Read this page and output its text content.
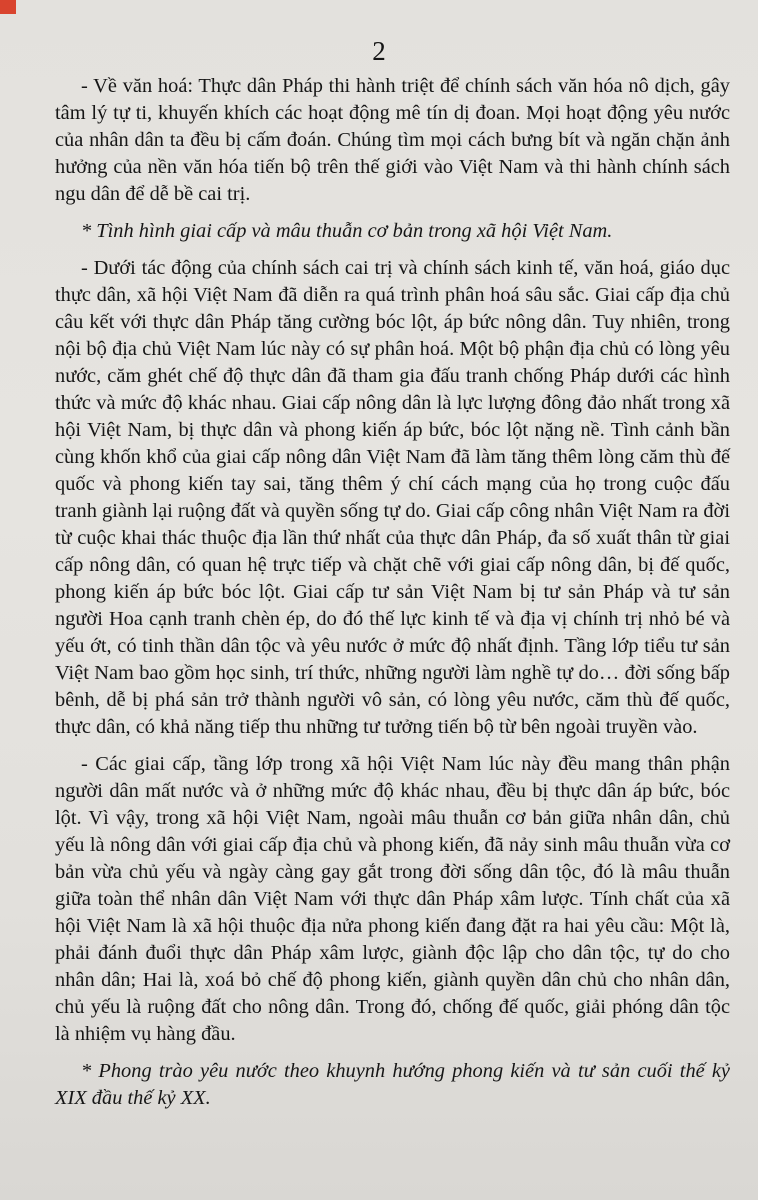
2

- Về văn hoá: Thực dân Pháp thi hành triệt để chính sách văn hóa nô dịch, gây tâm lý tự ti, khuyến khích các hoạt động mê tín dị đoan. Mọi hoạt động yêu nước của nhân dân ta đều bị cấm đoán. Chúng tìm mọi cách bưng bít và ngăn chặn ảnh hưởng của nền văn hóa tiến bộ trên thế giới vào Việt Nam và thi hành chính sách ngu dân để dễ bề cai trị.

* Tình hình giai cấp và mâu thuẫn cơ bản trong xã hội Việt Nam.

- Dưới tác động của chính sách cai trị và chính sách kinh tế, văn hoá, giáo dục thực dân, xã hội Việt Nam đã diễn ra quá trình phân hoá sâu sắc. Giai cấp địa chủ câu kết với thực dân Pháp tăng cường bóc lột, áp bức nông dân. Tuy nhiên, trong nội bộ địa chủ Việt Nam lúc này có sự phân hoá. Một bộ phận địa chủ có lòng yêu nước, căm ghét chế độ thực dân đã tham gia đấu tranh chống Pháp dưới các hình thức và mức độ khác nhau. Giai cấp nông dân là lực lượng đông đảo nhất trong xã hội Việt Nam, bị thực dân và phong kiến áp bức, bóc lột nặng nề. Tình cảnh bần cùng khốn khổ của giai cấp nông dân Việt Nam đã làm tăng thêm lòng căm thù đế quốc và phong kiến tay sai, tăng thêm ý chí cách mạng của họ trong cuộc đấu tranh giành lại ruộng đất và quyền sống tự do. Giai cấp công nhân Việt Nam ra đời từ cuộc khai thác thuộc địa lần thứ nhất của thực dân Pháp, đa số xuất thân từ giai cấp nông dân, có quan hệ trực tiếp và chặt chẽ với giai cấp nông dân, bị đế quốc, phong kiến áp bức bóc lột. Giai cấp tư sản Việt Nam bị tư sản Pháp và tư sản người Hoa cạnh tranh chèn ép, do đó thế lực kinh tế và địa vị chính trị nhỏ bé và yếu ớt, có tinh thần dân tộc và yêu nước ở mức độ nhất định. Tầng lớp tiểu tư sản Việt Nam bao gồm học sinh, trí thức, những người làm nghề tự do… đời sống bấp bênh, dễ bị phá sản trở thành người vô sản, có lòng yêu nước, căm thù đế quốc, thực dân, có khả năng tiếp thu những tư tưởng tiến bộ từ bên ngoài truyền vào.

- Các giai cấp, tầng lớp trong xã hội Việt Nam lúc này đều mang thân phận người dân mất nước và ở những mức độ khác nhau, đều bị thực dân áp bức, bóc lột. Vì vậy, trong xã hội Việt Nam, ngoài mâu thuẫn cơ bản giữa nhân dân, chủ yếu là nông dân với giai cấp địa chủ và phong kiến, đã nảy sinh mâu thuẫn vừa cơ bản vừa chủ yếu và ngày càng gay gắt trong đời sống dân tộc, đó là mâu thuẫn giữa toàn thể nhân dân Việt Nam với thực dân Pháp xâm lược. Tính chất của xã hội Việt Nam là xã hội thuộc địa nửa phong kiến đang đặt ra hai yêu cầu: Một là, phải đánh đuổi thực dân Pháp xâm lược, giành độc lập cho dân tộc, tự do cho nhân dân; Hai là, xoá bỏ chế độ phong kiến, giành quyền dân chủ cho nhân dân, chủ yếu là ruộng đất cho nông dân. Trong đó, chống đế quốc, giải phóng dân tộc là nhiệm vụ hàng đầu.

* Phong trào yêu nước theo khuynh hướng phong kiến và tư sản cuối thế kỷ XIX đầu thế kỷ XX.
